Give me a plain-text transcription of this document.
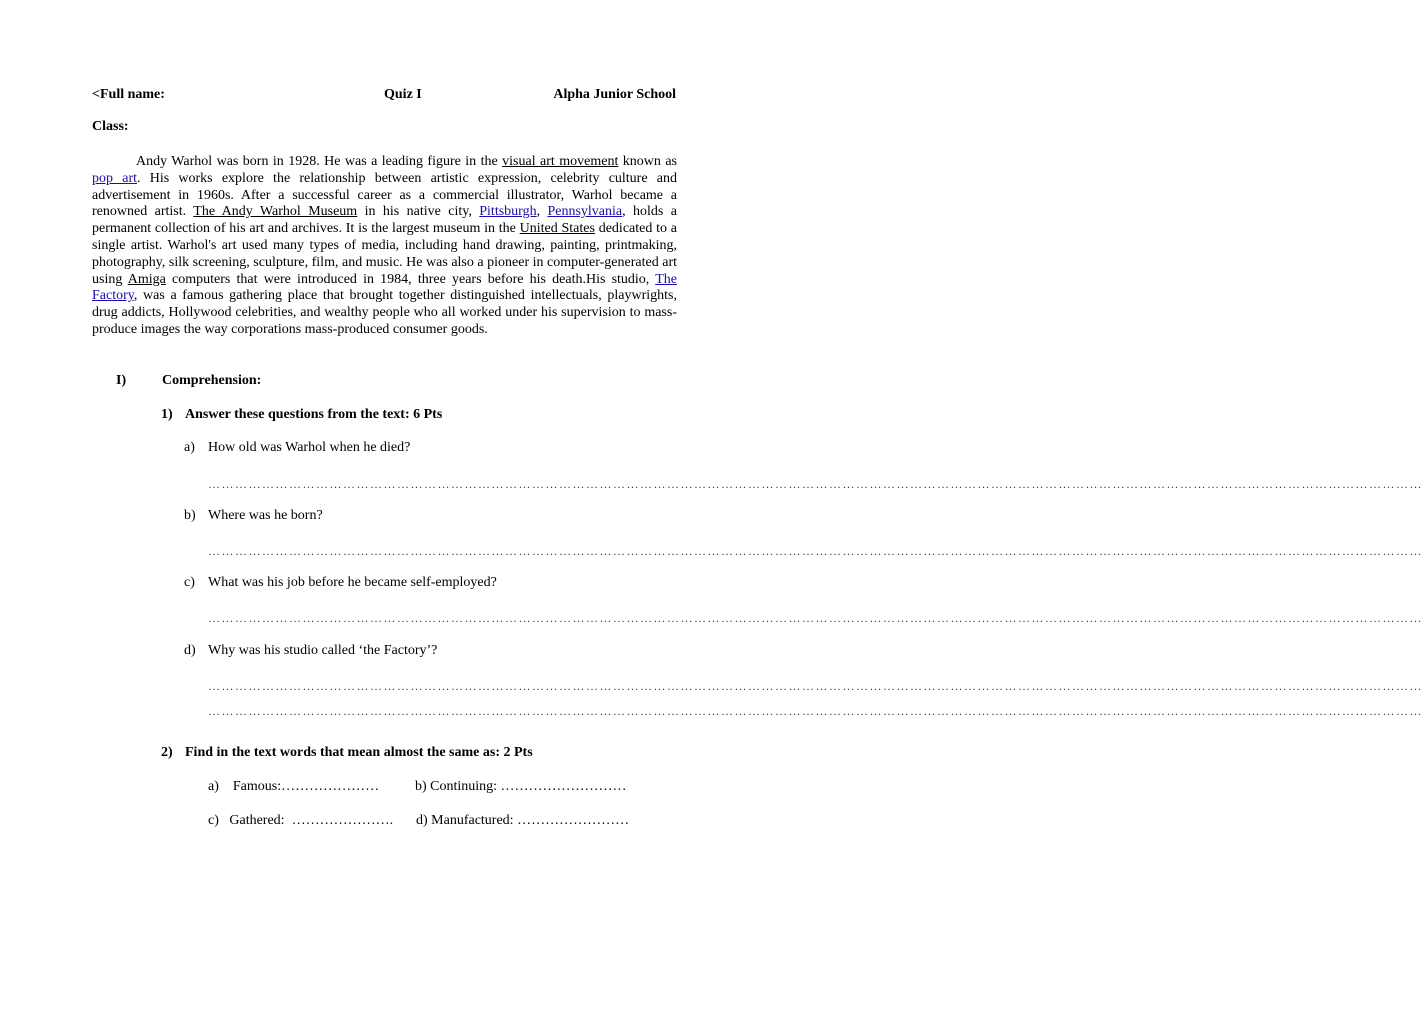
<Full name:	Quiz I	Alpha Junior School
Class:

Andy Warhol was born in 1928. He was a leading figure in the visual art movement known as pop art. His works explore the relationship between artistic expression, celebrity culture and advertisement in 1960s. After a successful career as a commercial illustrator, Warhol became a renowned artist. The Andy Warhol Museum in his native city, Pittsburgh, Pennsylvania, holds a permanent collection of his art and archives. It is the largest museum in the United States dedicated to a single artist. Warhol's art used many types of media, including hand drawing, painting, printmaking, photography, silk screening, sculpture, film, and music. He was also a pioneer in computer-generated art using Amiga computers that were introduced in 1984, three years before his death.His studio, The Factory, was a famous gathering place that brought together distinguished intellectuals, playwrights, drug addicts, Hollywood celebrities, and wealthy people who all worked under his supervision to mass-produce images the way corporations mass-produced consumer goods.

I)	Comprehension:
1) Answer these questions from the text: 6 Pts
a) How old was Warhol when he died?
………………………………………………………………………………………………………………………………………………………………………………………………………………………………………………
b) Where was he born?
………………………………………………………………………………………………………………………………………………………………………………………………………………………………………………
c) What was his job before he became self-employed?
………………………………………………………………………………………………………………………………………………………………………………………………………………………………………………
d) Why was his studio called ‘the Factory’?
………………………………………………………………………………………………………………………………………………………………………………………………………………………………………………
………………………………………………………………………………………………………………………………………………………………………………………………………………………………………………
2) Find in the text words that mean almost the same as: 2 Pts
a)    Famous:…………………	b) Continuing: ………………………
c)   Gathered:  …………………. d) Manufactured: ……………………
